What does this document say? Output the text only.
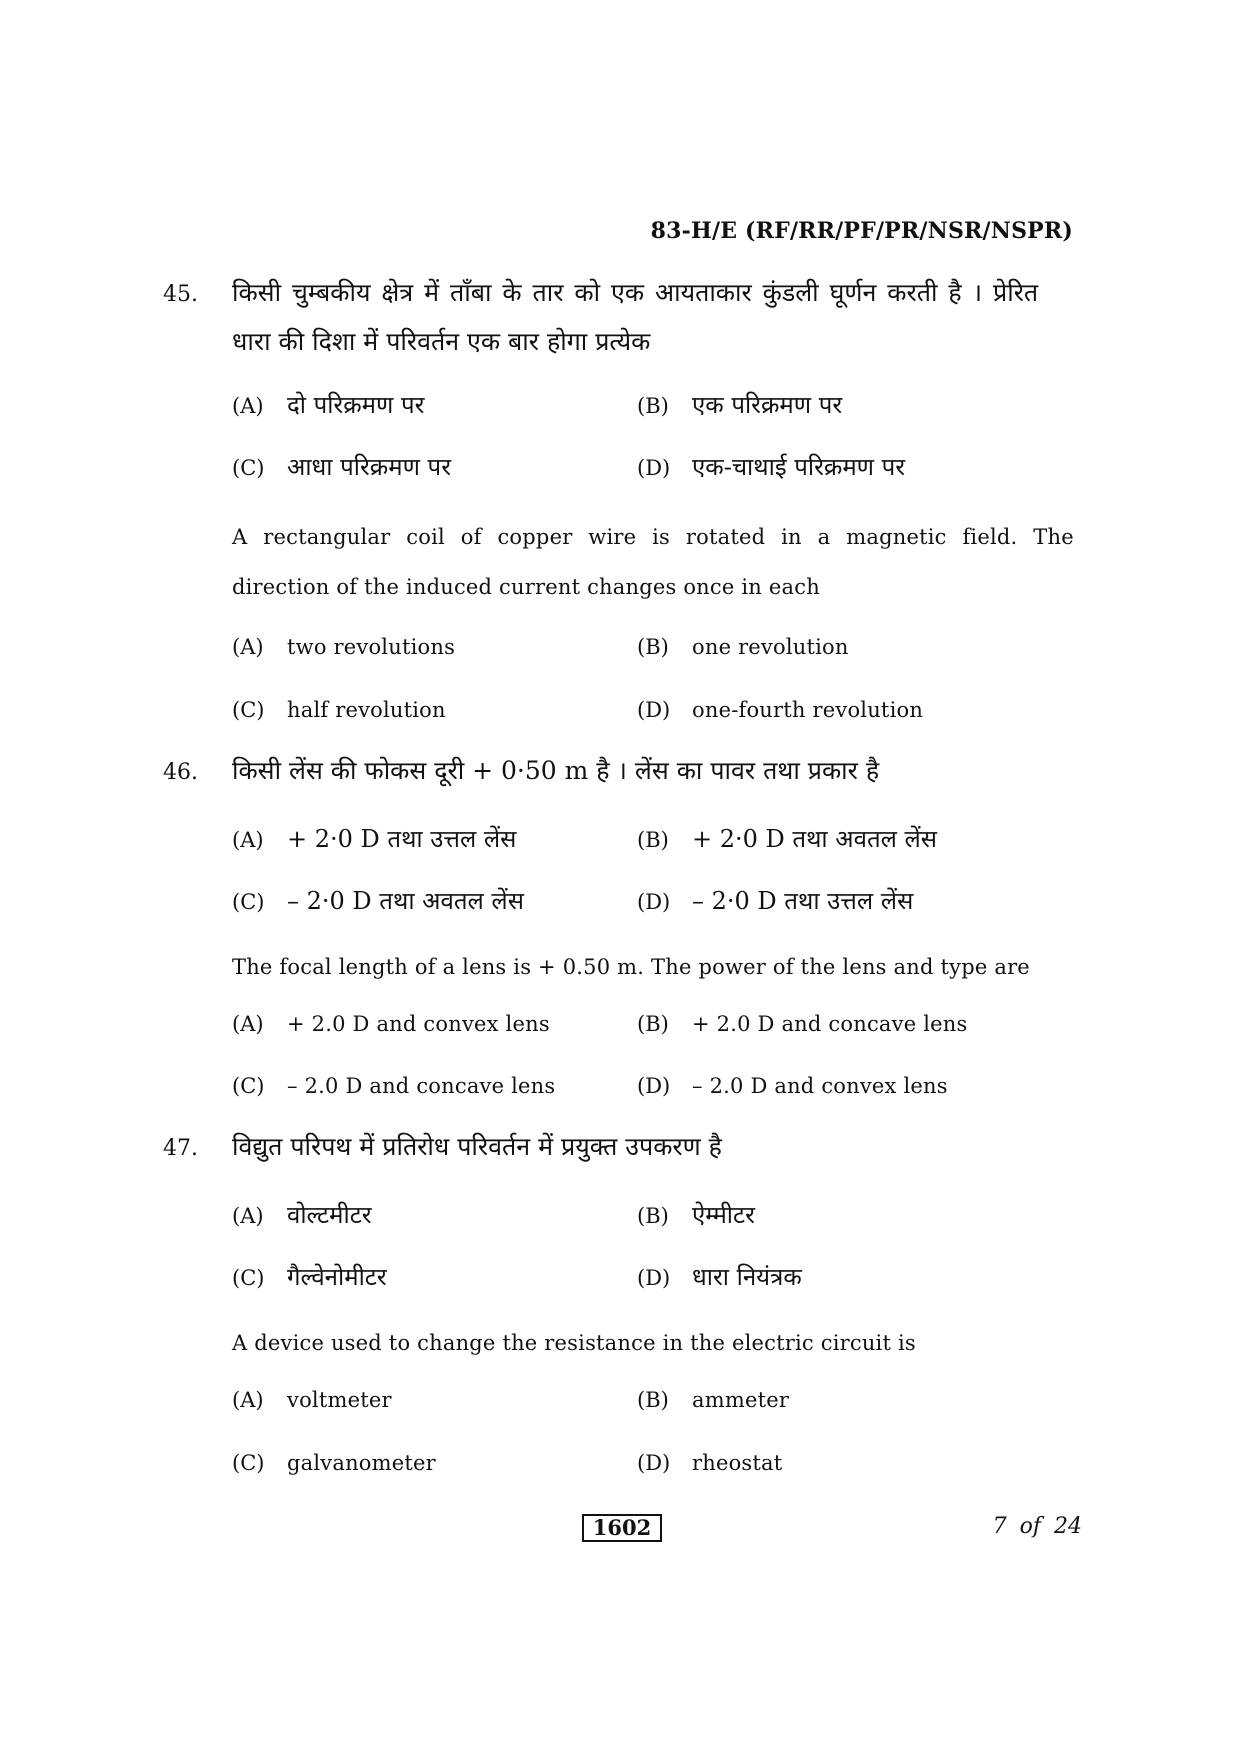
83-H/E (RF/RR/PF/PR/NSR/NSPR)
45. किसी चुम्बकीय क्षेत्र में ताँबा के तार को एक आयताकार कुंडली घूर्णन करती है । प्रेरित
धारा की दिशा में परिवर्तन एक बार होगा प्रत्येक
(A) दो परिक्रमण पर	(B) एक परिक्रमण पर
(C) आधा परिक्रमण पर	(D) एक-चाथाई परिक्रमण पर
A rectangular coil of copper wire is rotated in a magnetic field. The
direction of the induced current changes once in each
(A) two revolutions	(B) one revolution
(C) half revolution	(D) one-fourth revolution
46. किसी लेंस की फोकस दूरी + 0·50 m है । लेंस का पावर तथा प्रकार है
(A) + 2·0 D तथा उत्तल लेंस	(B) + 2·0 D तथा अवतल लेंस
(C) – 2·0 D तथा अवतल लेंस	(D) – 2·0 D तथा उत्तल लेंस
The focal length of a lens is + 0.50 m. The power of the lens and type are
(A) + 2.0 D and convex lens	(B) + 2.0 D and concave lens
(C) – 2.0 D and concave lens	(D) – 2.0 D and convex lens
47. विद्युत परिपथ में प्रतिरोध परिवर्तन में प्रयुक्त उपकरण है
(A) वोल्टमीटर	(B) ऐम्मीटर
(C) गैल्वेनोमीटर	(D) धारा नियंत्रक
A device used to change the resistance in the electric circuit is
(A) voltmeter	(B) ammeter
(C) galvanometer	(D) rheostat
1602	7 of 24
